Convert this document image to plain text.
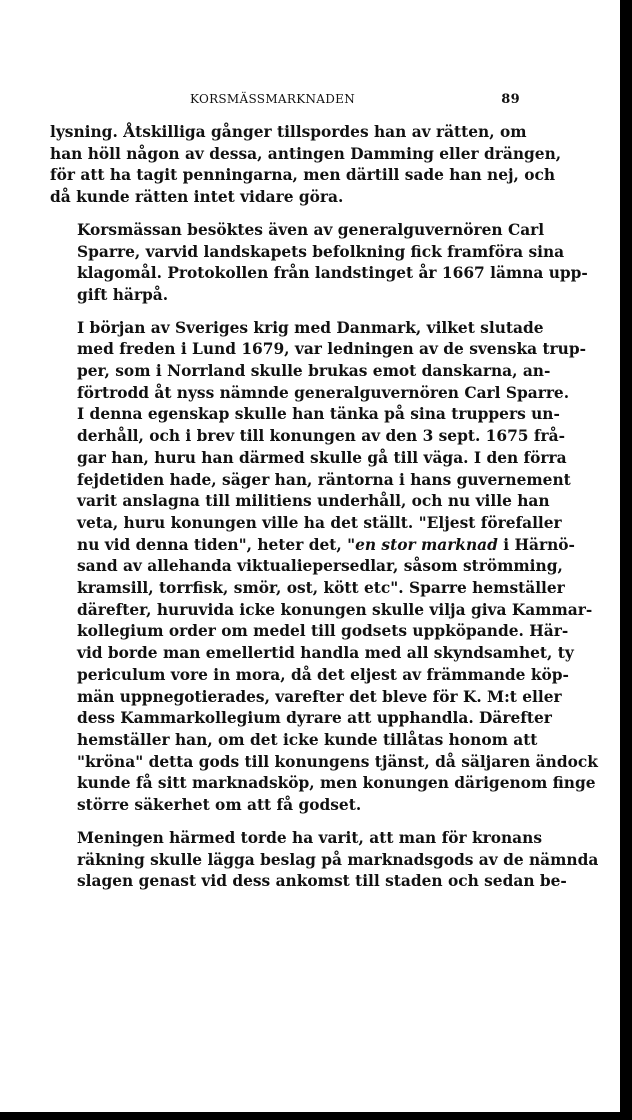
KORSMÄSSMARKNADEN	89

lysning. Åtskilliga gånger tillspordes han av rätten, om
han höll någon av dessa, antingen Damming eller drängen,
för att ha tagit penningarna, men därtill sade han nej, och
då kunde rätten intet vidare göra.

Korsmässan besöktes även av generalguvernören Carl
Sparre, varvid landskapets befolkning fick framföra sina
klagomål. Protokollen från landstinget år 1667 lämna upp-
gift härpå.

I början av Sveriges krig med Danmark, vilket slutade
med freden i Lund 1679, var ledningen av de svenska trup-
per, som i Norrland skulle brukas emot danskarna, an-
förtrodd åt nyss nämnde generalguvernören Carl Sparre.
I denna egenskap skulle han tänka på sina truppers un-
derhåll, och i brev till konungen av den 3 sept. 1675 frå-
gar han, huru han därmed skulle gå till väga. I den förra
fejdetiden hade, säger han, räntorna i hans guvernement
varit anslagna till militiens underhåll, och nu ville han
veta, huru konungen ville ha det ställt. "Eljest förefaller
nu vid denna tiden", heter det, "en stor marknad i Härnö-
sand av allehanda viktualiepersedlar, såsom strömming,
kramsill, torrfisk, smör, ost, kött etc". Sparre hemställer
därefter, huruvida icke konungen skulle vilja giva Kammar-
kollegium order om medel till godsets uppköpande. Här-
vid borde man emellertid handla med all skyndsamhet, ty
periculum vore in mora, då det eljest av främmande köp-
män uppnegotierades, varefter det bleve för K. M:t eller
dess Kammarkollegium dyrare att upphandla. Därefter
hemställer han, om det icke kunde tillåtas honom att
"kröna" detta gods till konungens tjänst, då säljaren ändock
kunde få sitt marknadsköp, men konungen därigenom finge
större säkerhet om att få godset.

Meningen härmed torde ha varit, att man för kronans
räkning skulle lägga beslag på marknadsgods av de nämnda
slagen genast vid dess ankomst till staden och sedan be-
